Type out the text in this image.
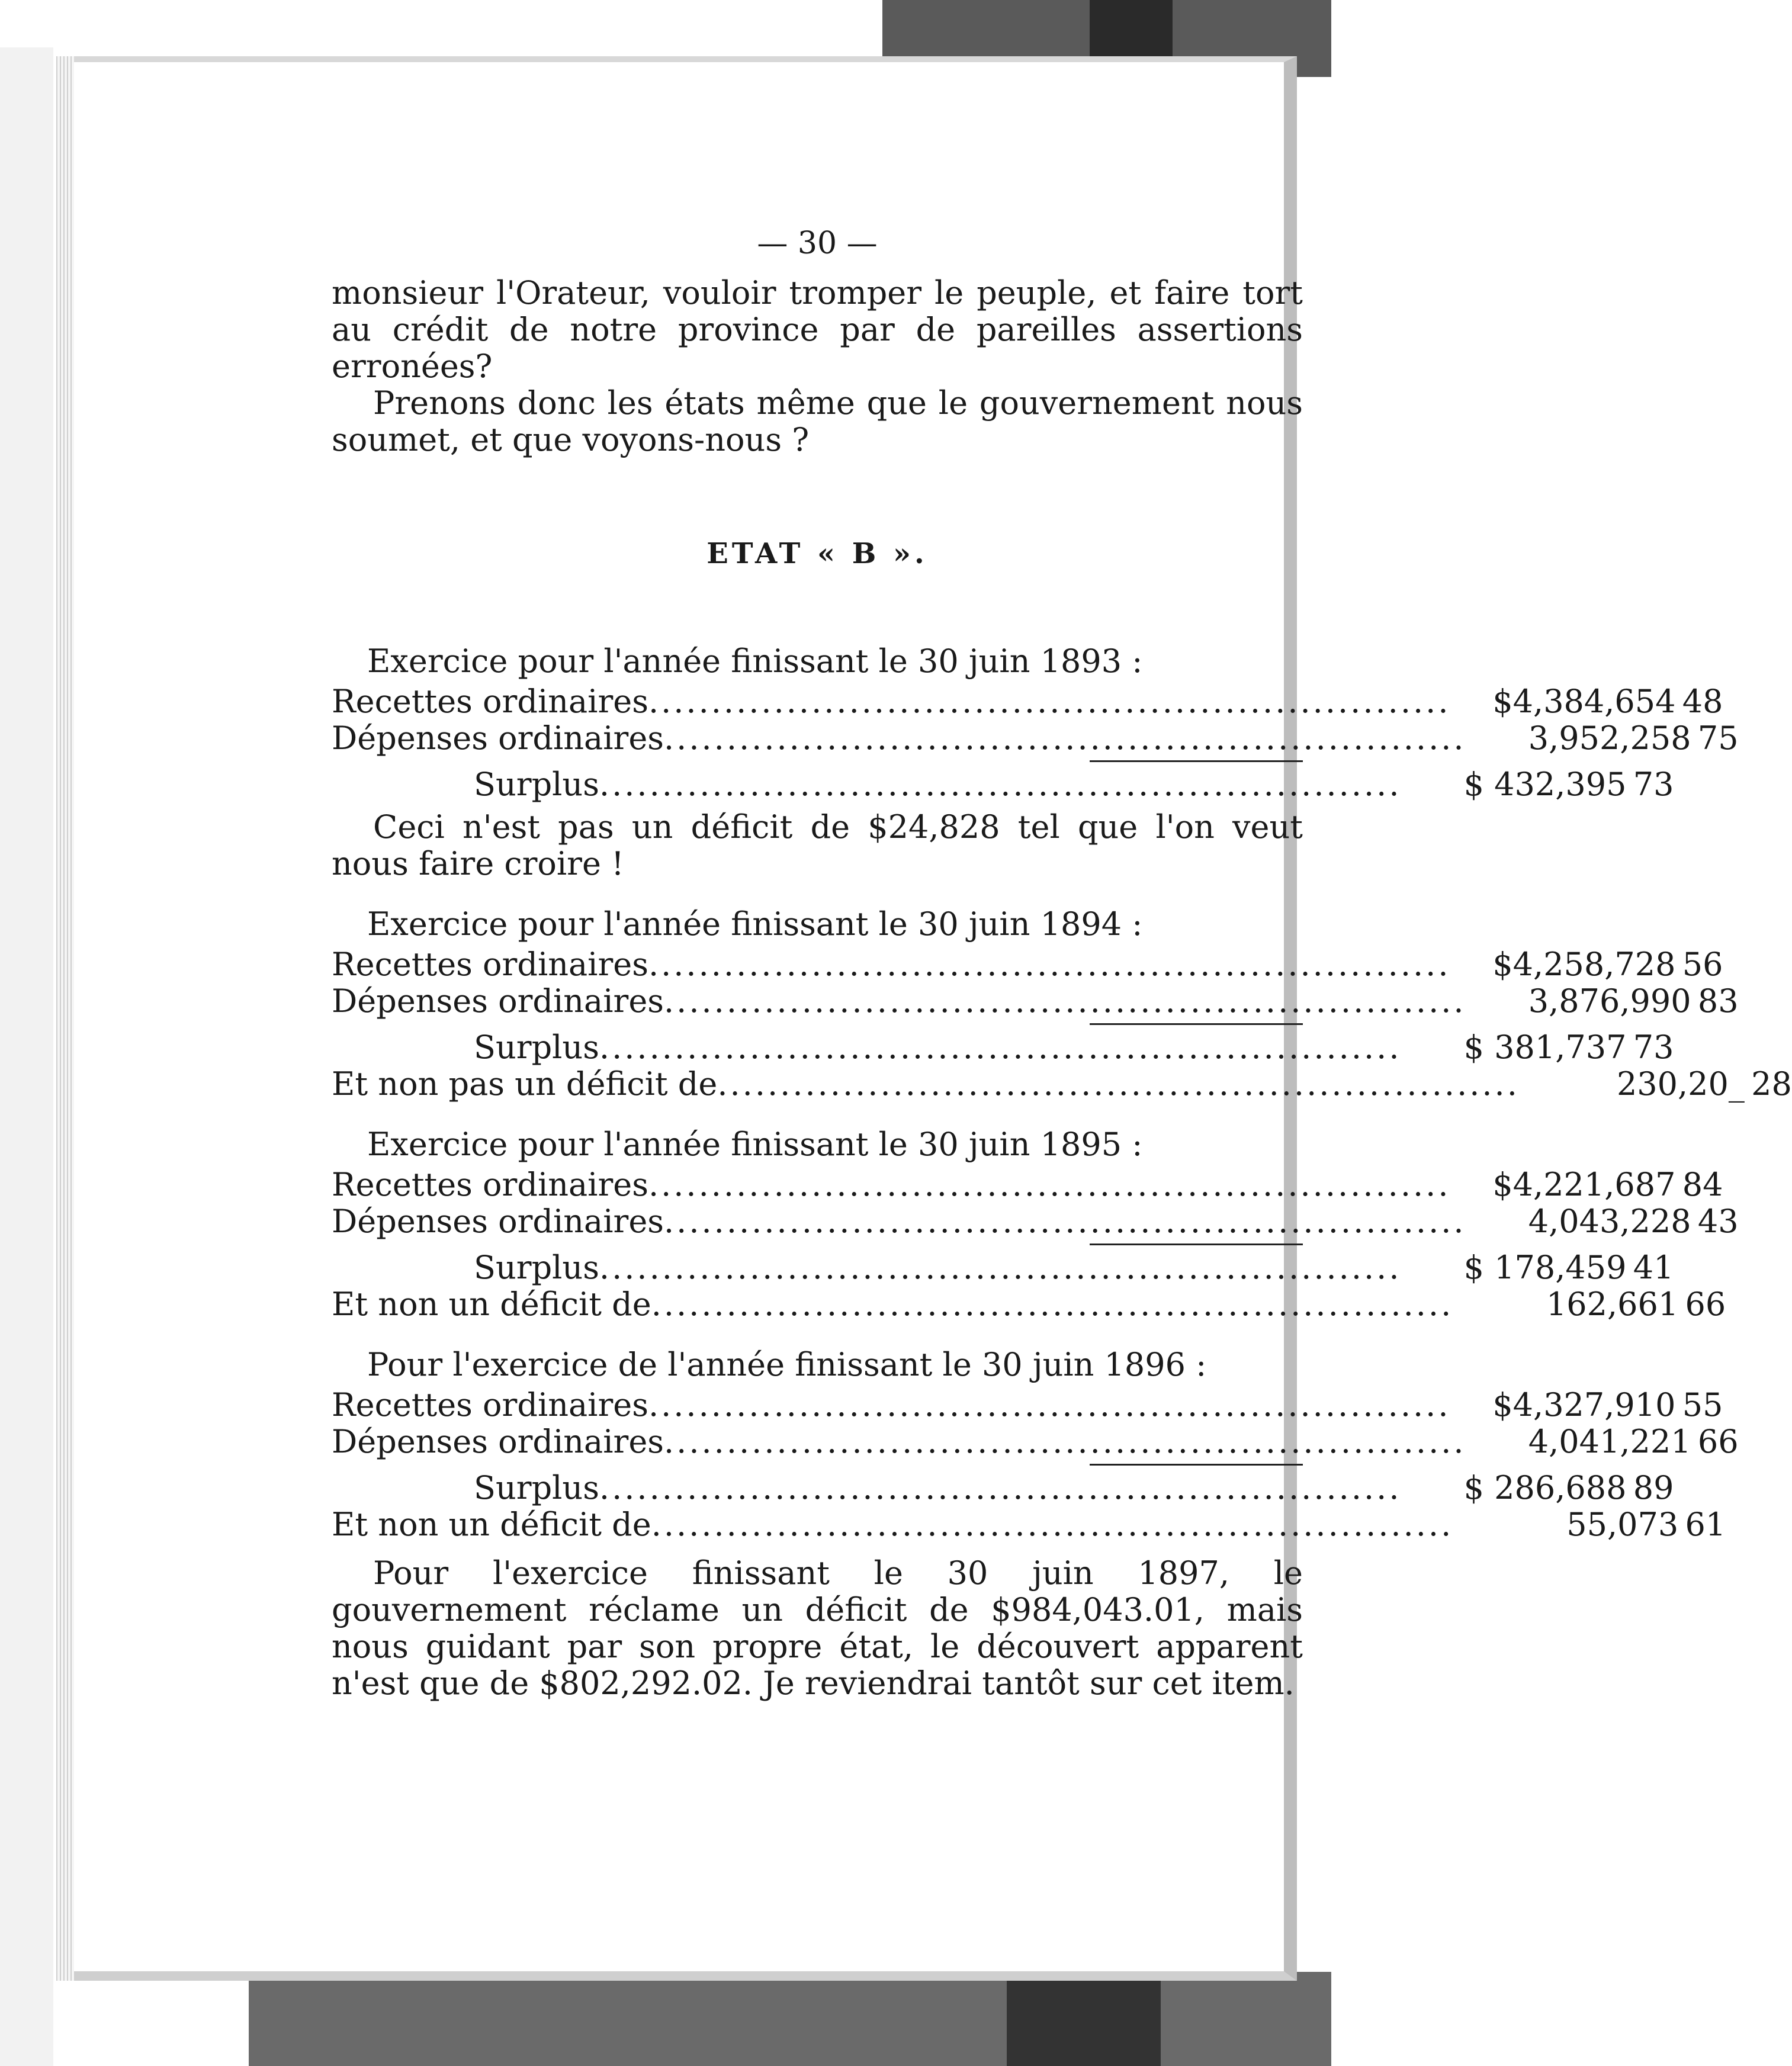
— 30 —

monsieur l'Orateur, vouloir tromper le peuple, et faire tort au crédit de notre province par de pareilles assertions erronées?

Prenons donc les états même que le gouvernement nous soumet, et que voyons-nous ?

ETAT « B ».
Exercice pour l'année finissant le 30 juin 1893 :
Recettes ordinaires ................................................................	$4,384,654 48
Dépenses ordinaires ................................................................	3,952,258 75
Surplus ................................................................	$ 432,395 73

Ceci n'est pas un déficit de $24,828 tel que l'on veut nous faire croire !

Exercice pour l'année finissant le 30 juin 1894 :
Recettes ordinaires ................................................................	$4,258,728 56
Dépenses ordinaires ................................................................	3,876,990 83
Surplus ................................................................	$ 381,737 73
Et non pas un déficit de ................................................................	230,20_ 28
Exercice pour l'année finissant le 30 juin 1895 :
Recettes ordinaires ................................................................	$4,221,687 84
Dépenses ordinaires ................................................................	4,043,228 43
Surplus ................................................................	$ 178,459 41
Et non un déficit de ................................................................	162,661 66
Pour l'exercice de l'année finissant le 30 juin 1896 :
Recettes ordinaires ................................................................	$4,327,910 55
Dépenses ordinaires ................................................................	4,041,221 66
Surplus ................................................................	$ 286,688 89
Et non un déficit de ................................................................	55,073 61

Pour l'exercice finissant le 30 juin 1897, le gouvernement réclame un déficit de $984,043.01, mais nous guidant par son propre état, le découvert apparent n'est que de $802,292.02. Je reviendrai tantôt sur cet item.
